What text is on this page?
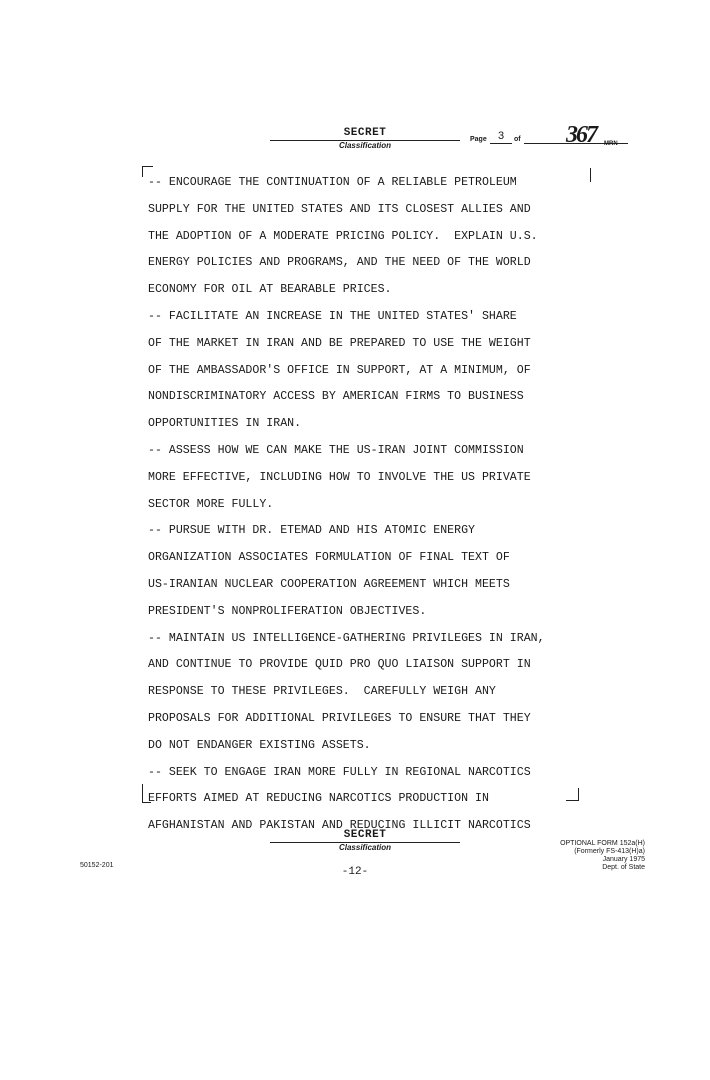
SECRET
Classification
Page 3 of 367 MRN
-- ENCOURAGE THE CONTINUATION OF A RELIABLE PETROLEUM
SUPPLY FOR THE UNITED STATES AND ITS CLOSEST ALLIES AND
THE ADOPTION OF A MODERATE PRICING POLICY.  EXPLAIN U.S.
ENERGY POLICIES AND PROGRAMS, AND THE NEED OF THE WORLD
ECONOMY FOR OIL AT BEARABLE PRICES.
-- FACILITATE AN INCREASE IN THE UNITED STATES' SHARE
OF THE MARKET IN IRAN AND BE PREPARED TO USE THE WEIGHT
OF THE AMBASSADOR'S OFFICE IN SUPPORT, AT A MINIMUM, OF
NONDISCRIMINATORY ACCESS BY AMERICAN FIRMS TO BUSINESS
OPPORTUNITIES IN IRAN.
-- ASSESS HOW WE CAN MAKE THE US-IRAN JOINT COMMISSION
MORE EFFECTIVE, INCLUDING HOW TO INVOLVE THE US PRIVATE
SECTOR MORE FULLY.
-- PURSUE WITH DR. ETEMAD AND HIS ATOMIC ENERGY
ORGANIZATION ASSOCIATES FORMULATION OF FINAL TEXT OF
US-IRANIAN NUCLEAR COOPERATION AGREEMENT WHICH MEETS
PRESIDENT'S NONPROLIFERATION OBJECTIVES.
-- MAINTAIN US INTELLIGENCE-GATHERING PRIVILEGES IN IRAN,
AND CONTINUE TO PROVIDE QUID PRO QUO LIAISON SUPPORT IN
RESPONSE TO THESE PRIVILEGES.  CAREFULLY WEIGH ANY
PROPOSALS FOR ADDITIONAL PRIVILEGES TO ENSURE THAT THEY
DO NOT ENDANGER EXISTING ASSETS.
-- SEEK TO ENGAGE IRAN MORE FULLY IN REGIONAL NARCOTICS
EFFORTS AIMED AT REDUCING NARCOTICS PRODUCTION IN
AFGHANISTAN AND PAKISTAN AND REDUCING ILLICIT NARCOTICS
SECRET
Classification	OPTIONAL FORM 152a(H)
(Formerly FS-413(H)a)
January 1975
Dept. of State
50152-201
-12-
